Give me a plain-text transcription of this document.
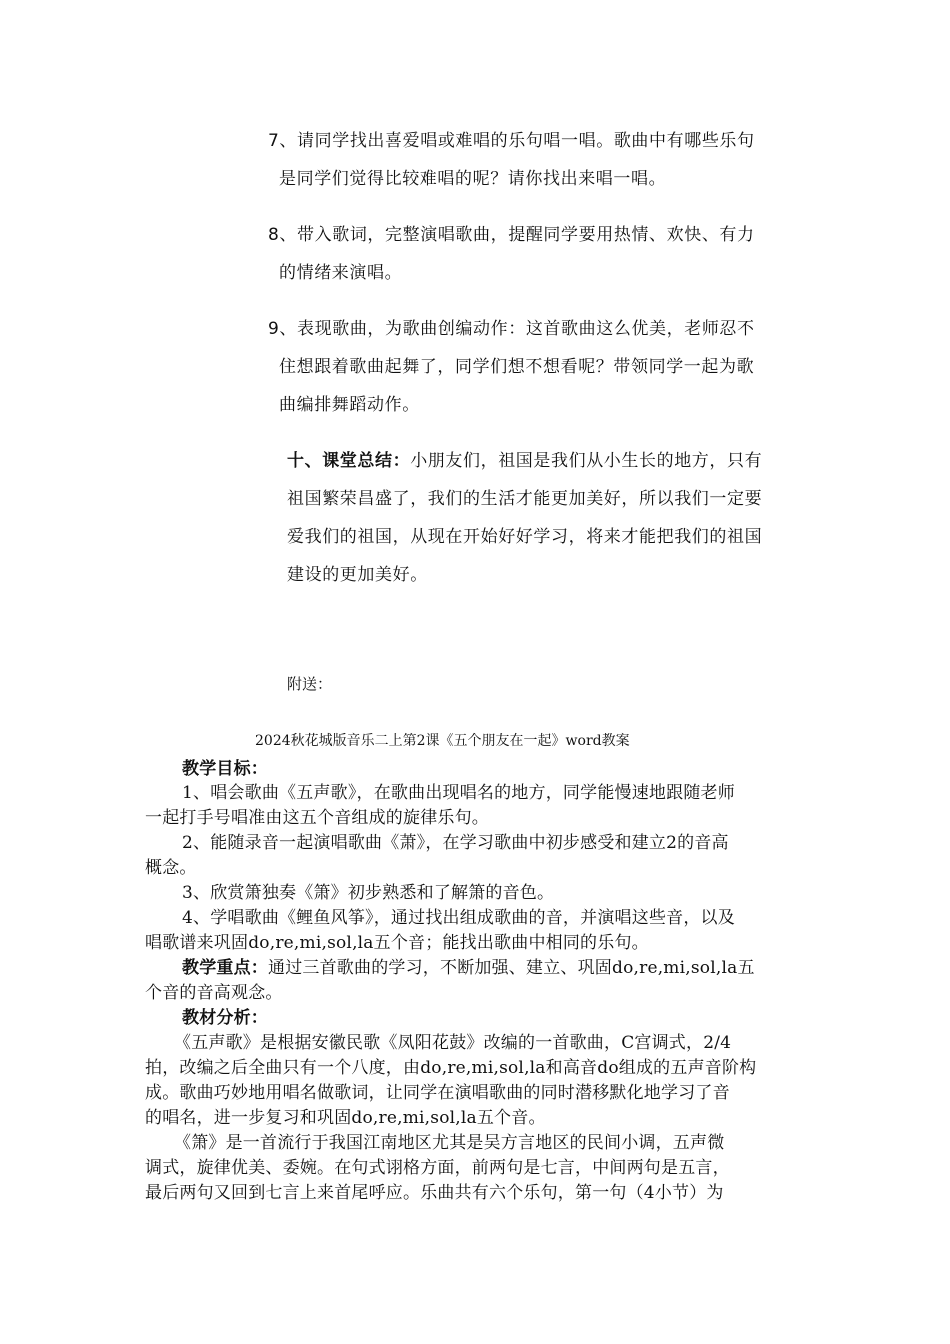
7、请同学找出喜爱唱或难唱的乐句唱一唱。歌曲中有哪些乐句
是同学们觉得比较难唱的呢？请你找出来唱一唱。
8、带入歌词，完整演唱歌曲，提醒同学要用热情、欢快、有力
的情绪来演唱。
9、表现歌曲，为歌曲创编动作：这首歌曲这么优美，老师忍不
住想跟着歌曲起舞了，同学们想不想看呢？带领同学一起为歌
曲编排舞蹈动作。
十、课堂总结：小朋友们，祖国是我们从小生长的地方，只有
祖国繁荣昌盛了，我们的生活才能更加美好，所以我们一定要
爱我们的祖国，从现在开始好好学习，将来才能把我们的祖国
建设的更加美好。
附送：
2024秋花城版音乐二上第2课《五个朋友在一起》word教案
教学目标：
1、唱会歌曲《五声歌》，在歌曲出现唱名的地方，同学能慢速地跟随老师
一起打手号唱准由这五个音组成的旋律乐句。
2、能随录音一起演唱歌曲《萧》，在学习歌曲中初步感受和建立2的音高
概念。
3、欣赏箫独奏《箫》初步熟悉和了解箫的音色。
4、学唱歌曲《鲤鱼风筝》，通过找出组成歌曲的音，并演唱这些音，以及
唱歌谱来巩固do,re,mi,sol,la五个音；能找出歌曲中相同的乐句。
教学重点：通过三首歌曲的学习，不断加强、建立、巩固do,re,mi,sol,la五
个音的音高观念。
教材分析：
《五声歌》是根据安徽民歌《凤阳花鼓》改编的一首歌曲，C宫调式，2/4
拍，改编之后全曲只有一个八度，由do,re,mi,sol,la和高音do组成的五声音阶构
成。歌曲巧妙地用唱名做歌词，让同学在演唱歌曲的同时潜移默化地学习了音
的唱名，进一步复习和巩固do,re,mi,sol,la五个音。
《箫》是一首流行于我国江南地区尤其是吴方言地区的民间小调，五声微
调式，旋律优美、委婉。在句式诩格方面，前两句是七言，中间两句是五言，
最后两句又回到七言上来首尾呼应。乐曲共有六个乐句，第一句（4小节）为
